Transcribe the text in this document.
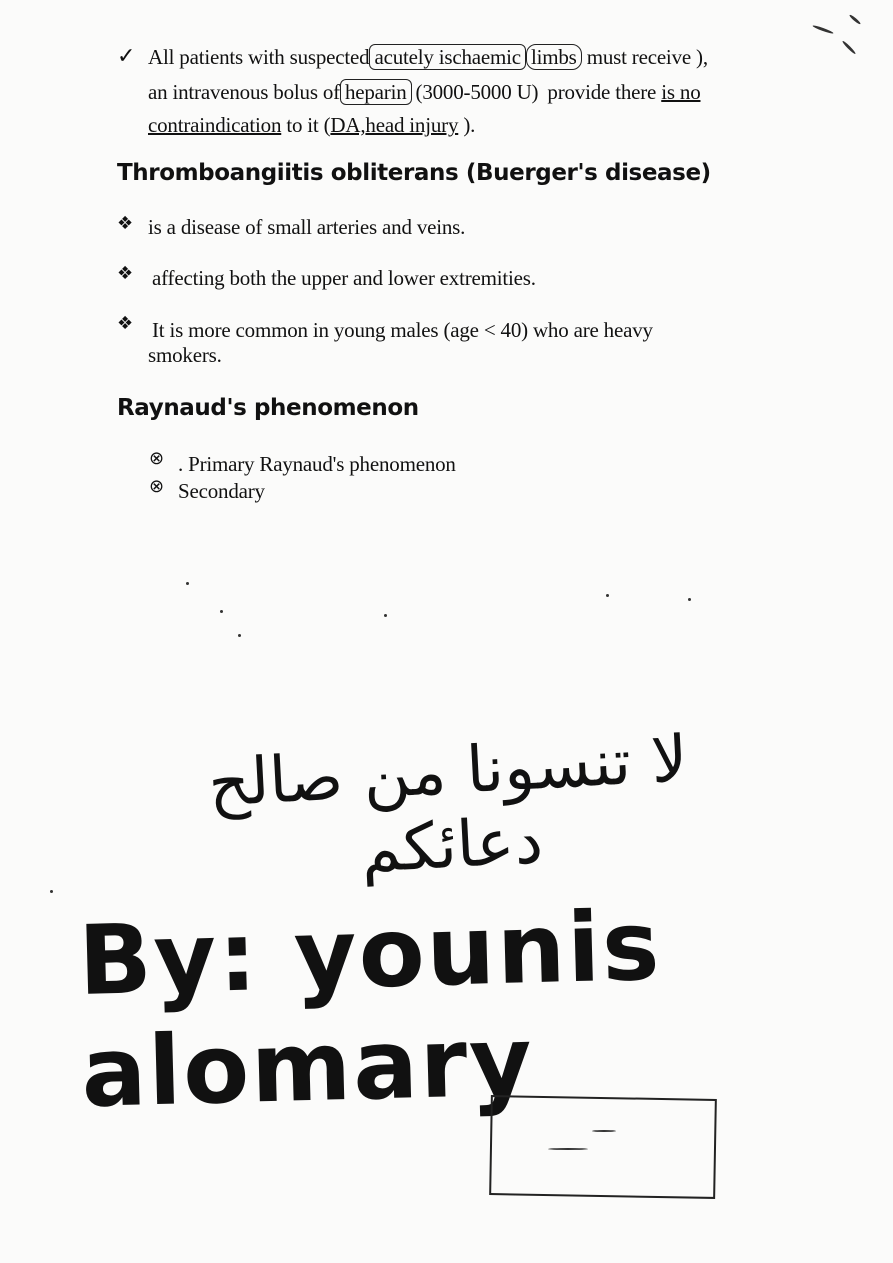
✓ All patients with suspected acutely ischaemic limbs must receive ),
an intravenous bolus of heparin (3000-5000 U) provide there is no
contraindication to it (DA,head injury ).
Thromboangiitis obliterans (Buerger's disease)
❖ is a disease of small arteries and veins.
❖ affecting both the upper and lower extremities.
❖ It is more common in young males (age < 40) who are heavy
smokers.
Raynaud's phenomenon
⊗ . Primary Raynaud's phenomenon
⊗ Secondary
لا تنسونا من صالح دعائكم
By: younis alomary
